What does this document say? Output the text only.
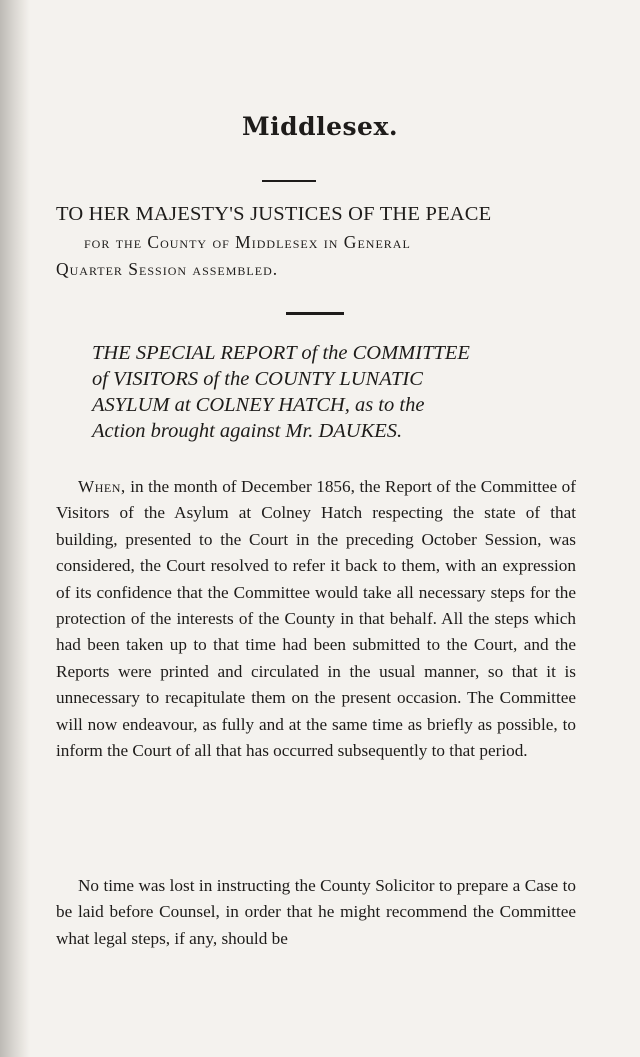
Middlesex.
TO HER MAJESTY'S JUSTICES OF THE PEACE
for the County of Middlesex in General
Quarter Session assembled.
THE SPECIAL REPORT of the COMMITTEE
of VISITORS of the COUNTY LUNATIC
ASYLUM at COLNEY HATCH, as to the
Action brought against Mr. DAUKES.

When, in the month of December 1856, the Report of the Committee of Visitors of the Asylum at Colney Hatch respecting the state of that building, presented to the Court in the preceding October Session, was considered, the Court resolved to refer it back to them, with an expression of its confidence that the Committee would take all necessary steps for the protection of the interests of the County in that behalf. All the steps which had been taken up to that time had been submitted to the Court, and the Reports were printed and circulated in the usual manner, so that it is unnecessary to recapitulate them on the present occasion. The Committee will now endeavour, as fully and at the same time as briefly as possible, to inform the Court of all that has occurred subsequently to that period.

No time was lost in instructing the County Solicitor to prepare a Case to be laid before Counsel, in order that he might recommend the Committee what legal steps, if any, should be
